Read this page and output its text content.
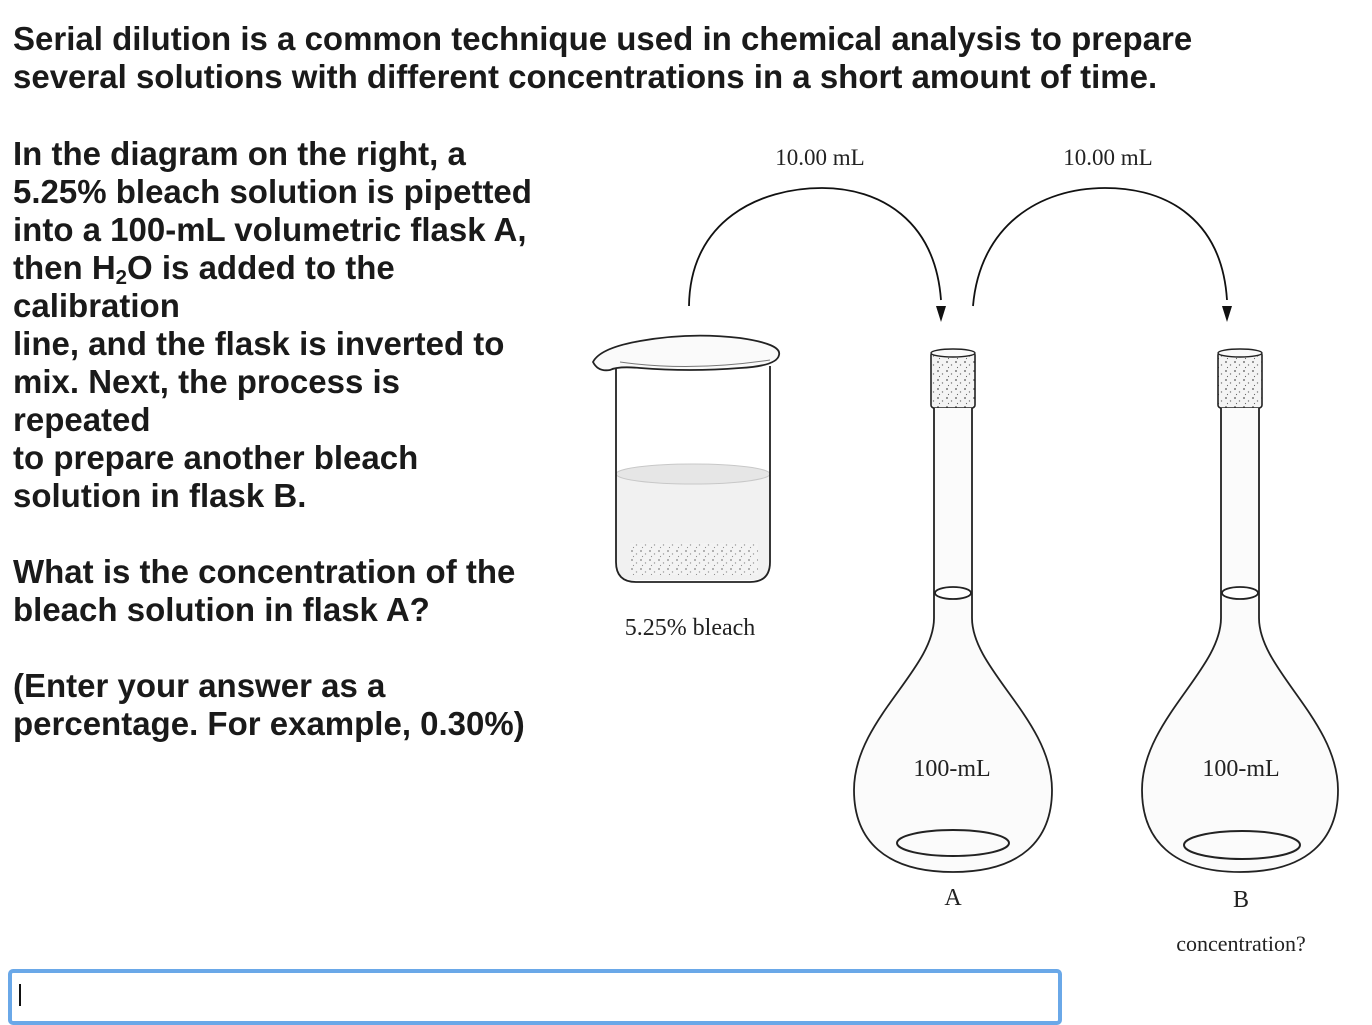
Serial dilution is a common technique used in chemical analysis to prepare
several solutions with different concentrations in a short amount of time.

In the diagram on the right, a
5.25% bleach solution is pipetted
into a 100-mL volumetric flask A,
then $H_2O$ is added to the
calibration
line, and the flask is inverted to
mix. Next, the process is
repeated
to prepare another bleach
solution in flask B.

What is the concentration of the
bleach solution in flask A?

(Enter your answer as a
percentage. For example, 0.30%)

10.00 mL	10.00 mL
5.25% bleach
100-mL
A
100-mL
B
concentration?
